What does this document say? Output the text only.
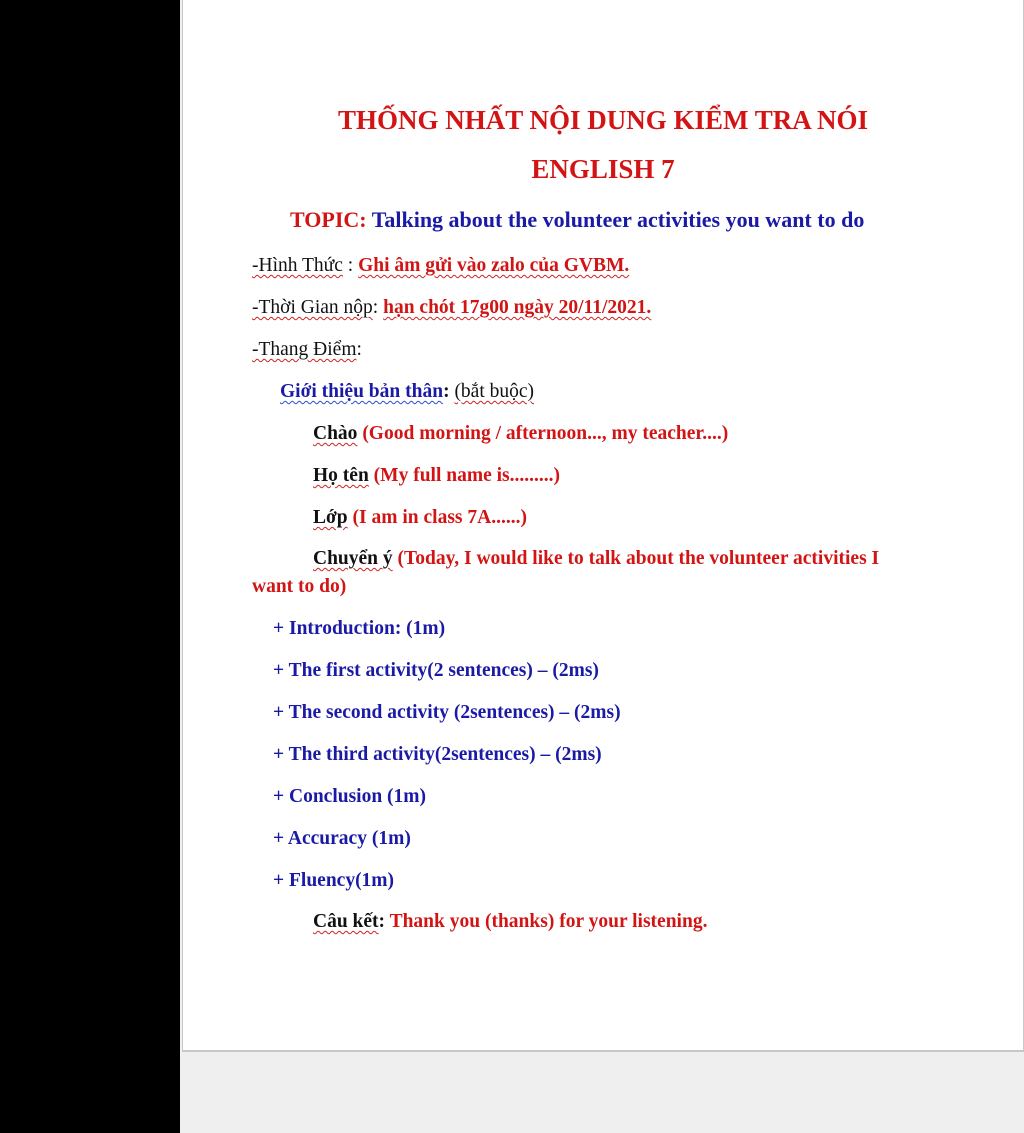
THỐNG NHẤT NỘI DUNG KIỂM TRA NÓI
ENGLISH 7
TOPIC: Talking about the volunteer activities you want to do
-Hình Thức : Ghi âm gửi vào zalo của GVBM.
-Thời Gian nộp: hạn chót 17g00 ngày 20/11/2021.
-Thang Điểm:
Giới thiệu bản thân: (bắt buộc)
Chào (Good morning / afternoon..., my teacher....)
Họ tên (My full name is.........)
Lớp (I am in class 7A......)
Chuyển ý (Today, I would like to talk about the volunteer activities I
want to do)
+ Introduction: (1m)
+ The first activity(2 sentences) – (2ms)
+ The second activity (2sentences) – (2ms)
+ The third activity(2sentences) – (2ms)
+ Conclusion (1m)
+ Accuracy (1m)
+ Fluency(1m)
Câu kết: Thank you (thanks) for your listening.
